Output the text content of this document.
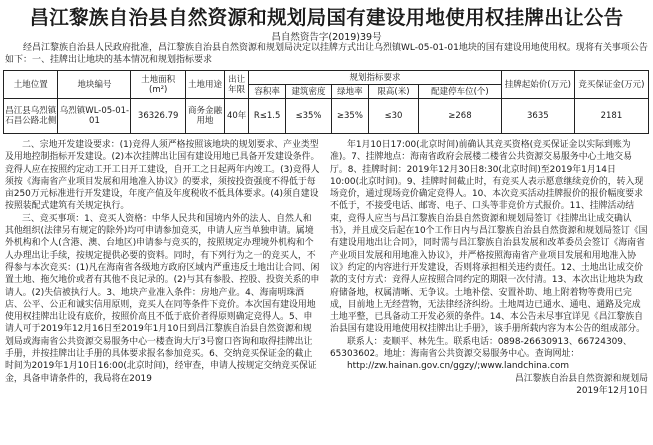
昌江黎族自治县自然资源和规划局国有建设用地使用权挂牌出让公告
昌自然资告字(2019)39号
经昌江黎族自治县人民政府批准，昌江黎族自治县自然资源和规划局决定以挂牌方式出让乌烈镇WL-05-01-01地块的国有建设用地使用权。现将有关事项公告如下：一、挂牌出让地块的基本情况和规划指标要求
土地位置	地块编号	土地面积(m²)	土地用途	出让年限	规划指标要求					挂牌起始价(万元)	竞买保证金(万元)
					容积率	建筑密度	绿地率	限高(米)	配建停车位(个)		
昌江县乌烈镇石昌公路北侧	乌烈镇WL-05-01-01	36326.79	商务金融用地	40年	R≤1.5	≤35%	≥35%	≤30	≥268	3635	2181

二、宗地开发建设要求：(1)竞得人须严格按照该地块的规划要求、产业类型及用地控制指标开发建设。(2)本次挂牌出让国有建设用地已具备开发建设条件。竞得人应在按照约定动工开工日开工建设，自开工之日起两年内竣工。(3)竞得人须按《海南省产业项目发展和用地准入协议》的要求，须按投资强度不得低于每亩250万元标准进行开发建设，年度产值及年度税收不低具体要求。(4)须自建设按照装配式建筑有关规定执行。

三、竞买事项：1、竞买人资格：中华人民共和国境内外的法人、自然人和其他组织(法律另有规定的除外)均可申请参加竞买，申请人应当单独申请。属境外机构和个人(含港、澳、台地区)申请参与竞买的，按照规定办理境外机构和个人办理出让手续，按规定提供必要的资料。同时，有下列行为之一的竞买人，不得参与本次竞买：(1)凡在海南省各级地方政府区域内严重违反土地出让合同、闲置土地、拖欠地价或者有其他不良记录的。(2)与其有参股、控股、投资关系的申请人。(2)失信被执行人。3、地块产业准入条件：房地产业。4、海南明珠酒店、公平、公正和诚实信用原则，竞买人在同等条件下竞价。本次国有建设用地使用权挂牌出让设有底价，按照价高且不低于底价者得原则确定竞得人。5、申请人可于2019年12月16日至2019年1月10日到昌江黎族自治县自然资源和规划局或海南省公共资源交易服务中心一楼查询大厅3号窗口咨询和取得挂牌出让手册，并按挂牌出让手册的具体要求报名参加竞买。6、交纳竞买保证金的截止时间为2019年1月10日16:00(北京时间)，经审查，申请人按规定交纳竞买保证金，具备申请条件的，我局将在2019

年1月10日17:00(北京时间)前确认其竞买资格(竞买保证金以实际到账为准)。7、挂牌地点：海南省政府会展楼二楼省公共资源交易服务中心土地交易厅。8、挂牌时间：2019年12月30日8:30(北京时间)至2019年1月14日10:00(北京时间)。9、挂牌时间截止时，有竞买人表示愿意继续竞价的，转入现场竞价，通过现场竞价确定竞得人。10、本次竞买活动挂牌报价的报价幅度要求不低于，不接受电话、邮寄、电子、口头等非竞价方式报价。11、挂牌活动结束，竞得人应当与昌江黎族自治县自然资源和规划局签订《挂牌出让成交确认书》，并且成交后起在10个工作日内与昌江黎族自治县自然资源和规划局签订《国有建设用地出让合同》，同时需与昌江黎族自治县发展和改革委员会签订《海南省产业项目发展和用地准入协议》，并严格按照海南省产业项目发展和用地准入协议》约定的内容进行开发建设，否则将承担相关违约责任。12、土地出让成交价款的支付方式：竞得人应按照合同约定的期限一次付清。13、本次出让地块为政府储备地，权属清晰、无争议。土地补偿、安置补助、地上附着物等费用已完成，目前地上无经营物，无法律经济纠纷。土地周边已通水、通电、通路及完成土地平整，已具备动工开发必须的条件。14、本公告未尽事宜详见《昌江黎族自治县国有建设用地使用权挂牌出让手册》，该手册所载内容为本公告的组成部分。

联系人：麦顺平、林先生。联系电话：0898-26630913、66724309、65303602。地址：海南省公共资源交易服务中心。查询网址：

http://zw.hainan.gov.cn/ggzy/;www.landchina.com

昌江黎族自治县自然资源和规划局

2019年12月10日
